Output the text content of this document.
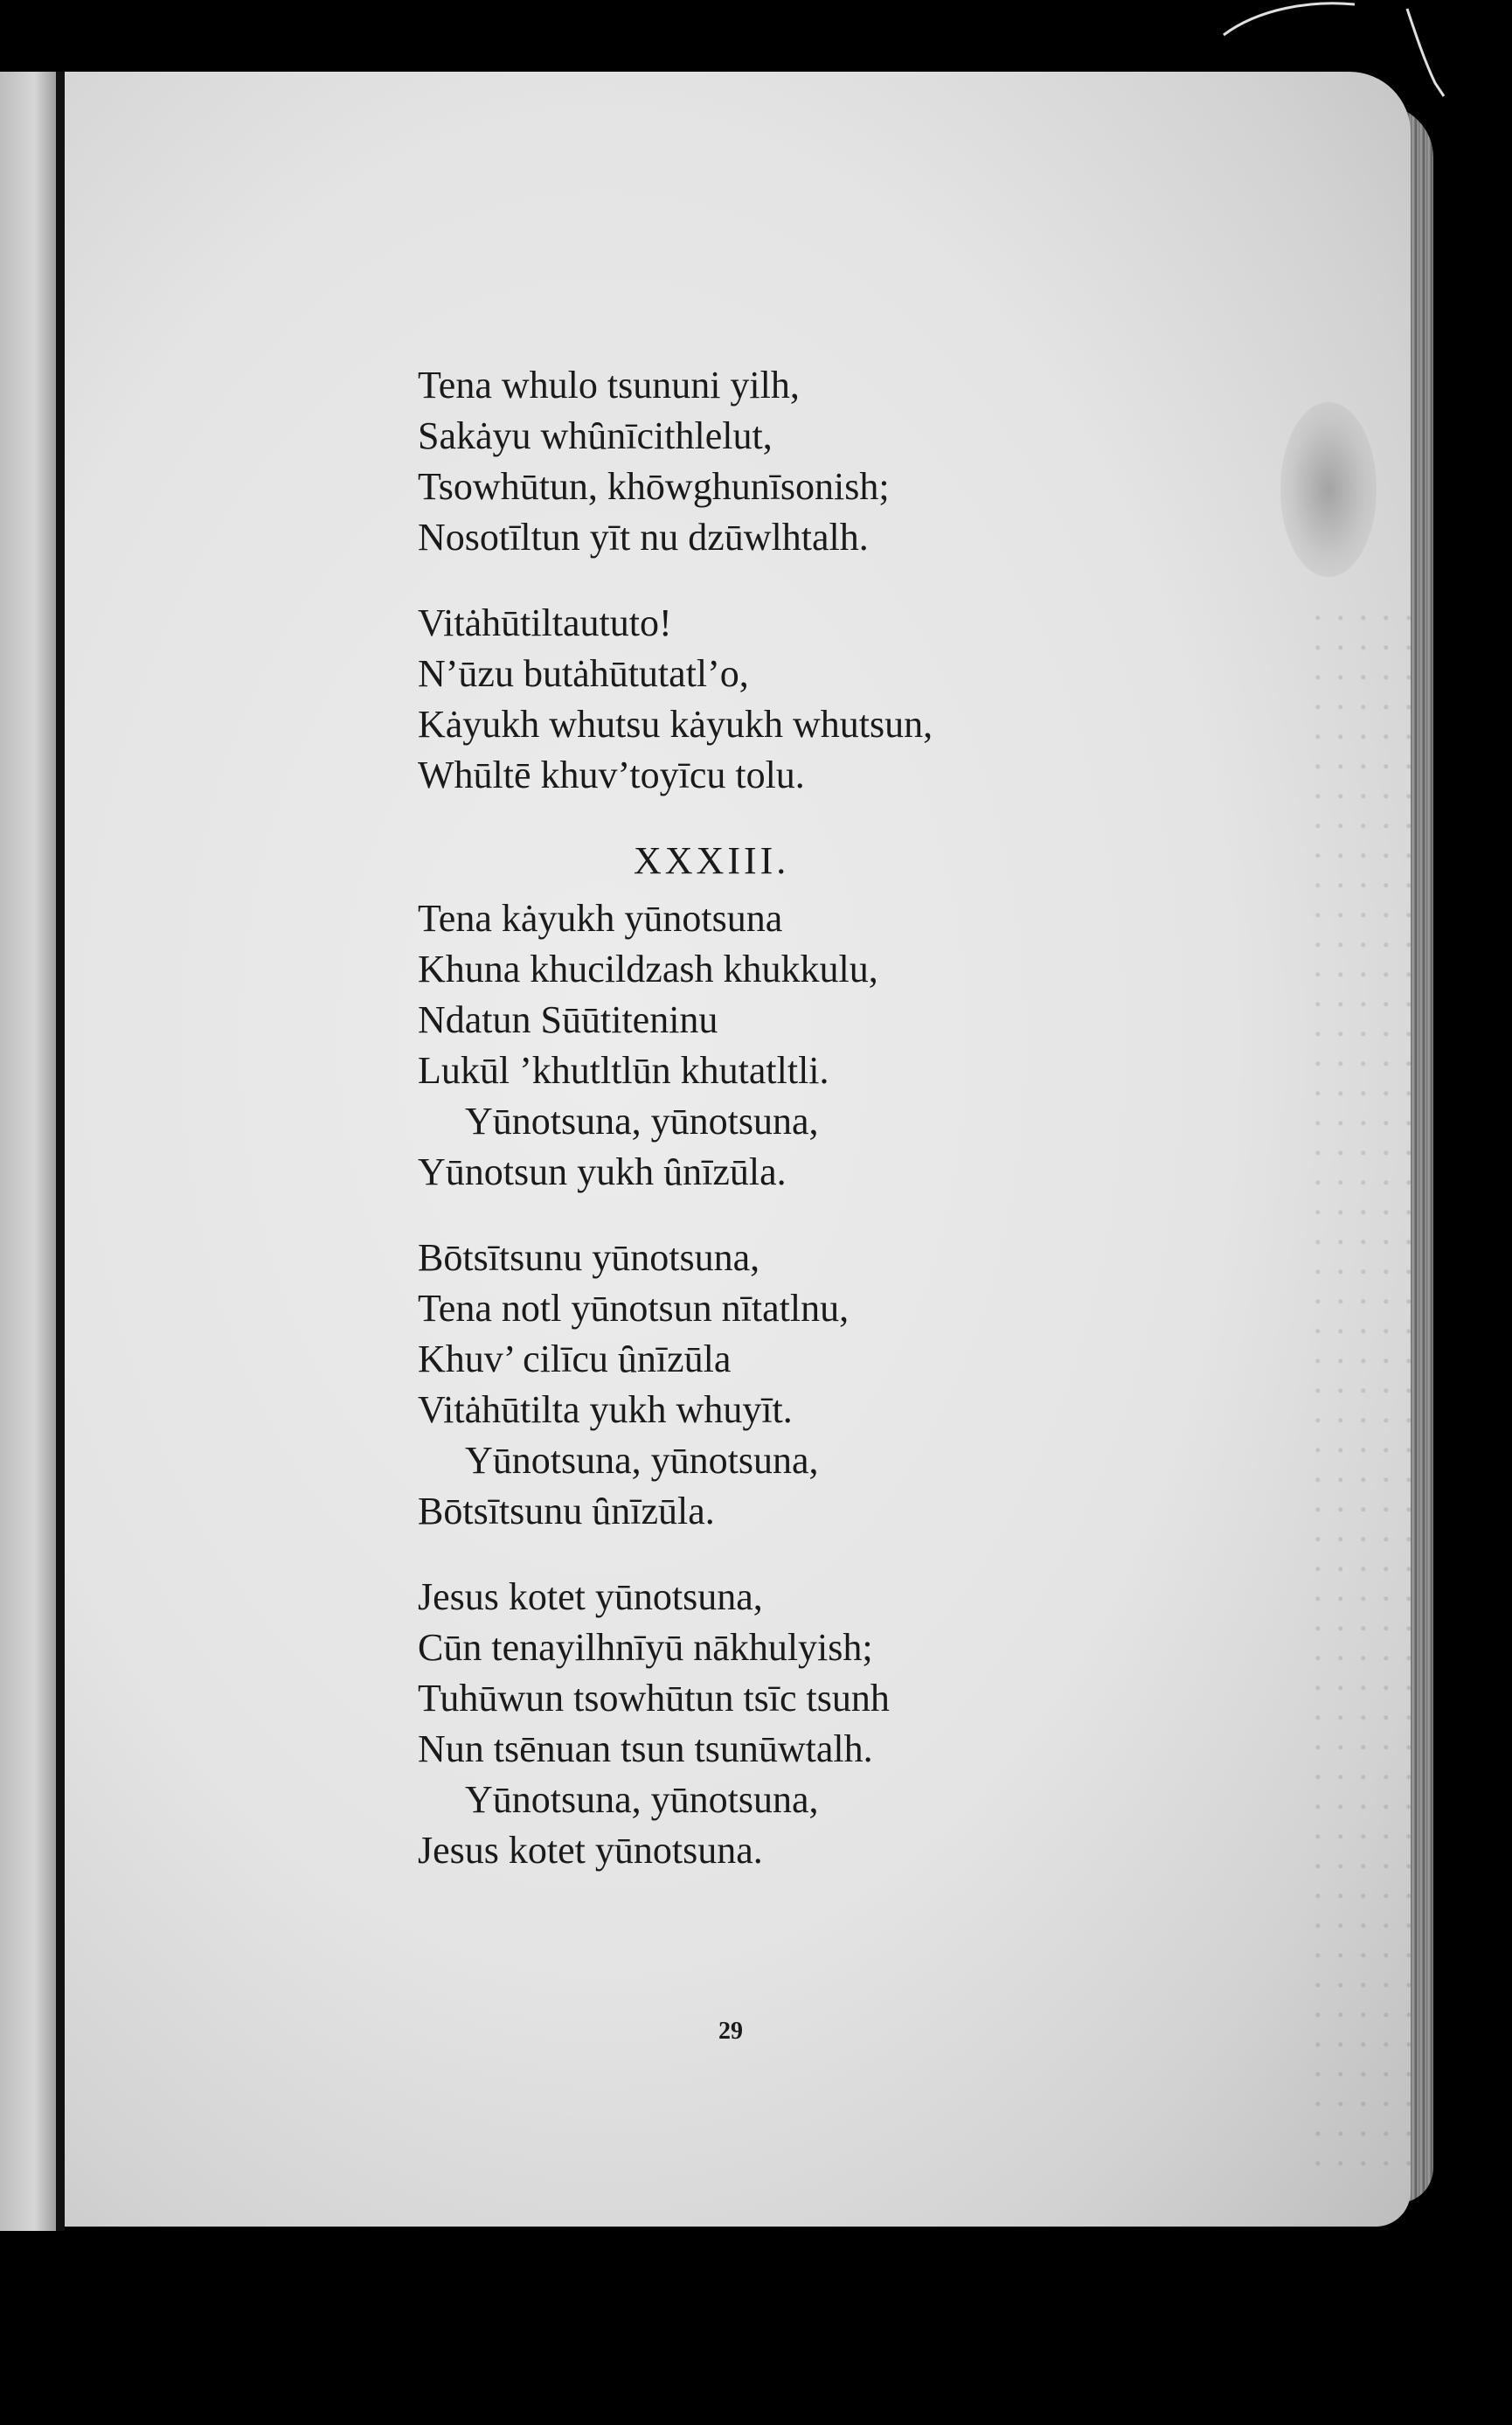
Tena whulo tsununi yilh,
Sakȧyu whȗnīcithlelut,
Tsowhūtun, khōwghunīsonish;
Nosotīltun yīt nu dzūwlhtalh.
Vitȧhūtiltaututo!
N’ūzu butȧhūtutatl’o,
Kȧyukh whutsu kȧyukh whutsun,
Whūltē khuv’toyīcu tolu.
XXXIII.
Tena kȧyukh yūnotsuna
Khuna khucildzash khukkulu,
Ndatun Sūūtiteninu
Lukūl ’khutltlūn khutatltli.
Yūnotsuna, yūnotsuna,
Yūnotsun yukh ȗnīzūla.
Bōtsītsunu yūnotsuna,
Tena notl yūnotsun nītatlnu,
Khuv’ cilīcu ȗnīzūla
Vitȧhūtilta yukh whuyīt.
Yūnotsuna, yūnotsuna,
Bōtsītsunu ȗnīzūla.
Jesus kotet yūnotsuna,
Cūn tenayilhnīyū nākhulyish;
Tuhūwun tsowhūtun tsīc tsunh
Nun tsēnuan tsun tsunūwtalh.
Yūnotsuna, yūnotsuna,
Jesus kotet yūnotsuna.
29
